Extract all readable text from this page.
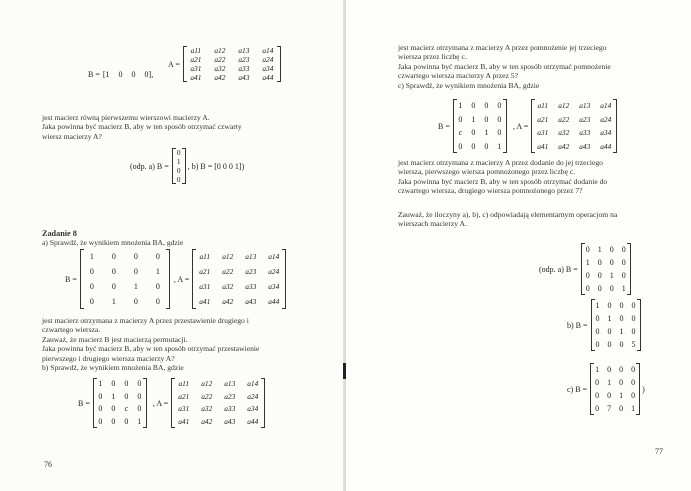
B = [1 0 0 0],
A =
a11	a12	a13	a14
a21	a22	a23	a24
a31	a32	a33	a34
a41	a42	a43	a44
jest macierz równą pierwszemu wierszowi macierzy A.
Jaka powinna być macierz B, aby w ten sposób otrzymać czwarty
wiersz macierzy A?
(odp. a) B =
0
1
0
0
, b) B = [0 0 0 1])
Zadanie 8
a) Sprawdź, że wynikiem mnożenia BA, gdzie
B =
1	0	0	0
0	0	0	1
0	0	1	0
0	1	0	0
, A =
a11	a12	a13	a14
a21	a22	a23	a24
a31	a32	a33	a34
a41	a42	a43	a44
jest macierz otrzymana z macierzy A przez przestawienie drugiego i
czwartego wiersza.
Zauważ, że macierz B jest macierzą permutacji.
Jaka powinna być macierz B, aby w ten sposób otrzymać przestawienie
pierwszego i drugiego wiersza macierzy A?
b) Sprawdź, że wynikiem mnożenia BA, gdzie
B =
1	0	0	0
0	1	0	0
0	0	c	0
0	0	0	1
, A =
a11	a12	a13	a14
a21	a22	a23	a24
a31	a32	a33	a34
a41	a42	a43	a44
76
jest macierz otrzymana z macierzy A przez pomnożenie jej trzeciego
wiersza przez liczbę c.
Jaka powinna być macierz B, aby w ten sposób otrzymać pomnożenie
czwartego wiersza macierzy A przez 5?
c) Sprawdź, że wynikiem mnożenia BA, gdzie
B =
1	0	0	0
0	1	0	0
c	0	1	0
0	0	0	1
, A =
a11	a12	a13	a14
a21	a22	a23	a24
a31	a32	a33	a34
a41	a42	a43	a44
jest macierz otrzymana z macierzy A przez dodanie do jej trzeciego
wiersza, pierwszego wiersza pomnożonego przez liczbę c.
Jaka powinna być macierz B, aby w ten sposób otrzymać dodanie do
czwartego wiersza, drugiego wiersza pomnożonego przez 7?
Zauważ, że iloczyny a), b), c) odpowiadają elementarnym operacjom na
wierszach macierzy A.
(odp. a) B =
0	1	0	0
1	0	0	0
0	0	1	0
0	0	0	1
b) B =
1	0	0	0
0	1	0	0
0	0	1	0
0	0	0	5
c) B =
1	0	0	0
0	1	0	0
0	0	1	0
0	7	0	1
)
77
